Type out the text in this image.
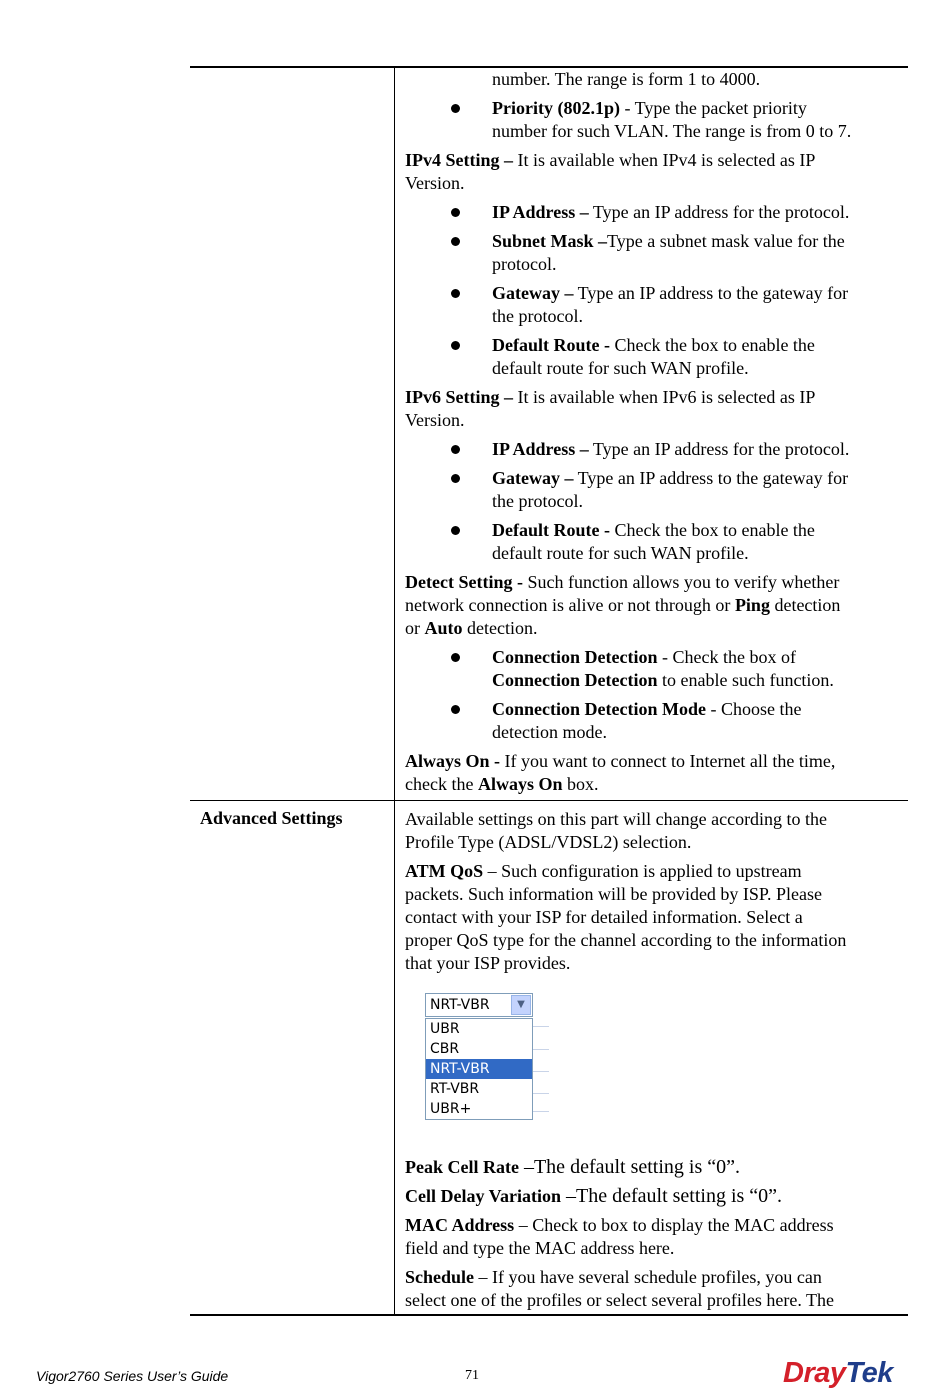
number. The range is form 1 to 4000.

Priority (802.1p) - Type the packet priority
number for such VLAN. The range is from 0 to 7.

IPv4 Setting – It is available when IPv4 is selected as IP
Version.

IP Address – Type an IP address for the protocol.
Subnet Mask –Type a subnet mask value for the
protocol.
Gateway – Type an IP address to the gateway for
the protocol.
Default Route - Check the box to enable the
default route for such WAN profile.

IPv6 Setting – It is available when IPv6 is selected as IP
Version.

IP Address – Type an IP address for the protocol.
Gateway – Type an IP address to the gateway for
the protocol.
Default Route - Check the box to enable the
default route for such WAN profile.

Detect Setting - Such function allows you to verify whether
network connection is alive or not through or Ping detection
or Auto detection.

Connection Detection - Check the box of
Connection Detection to enable such function.
Connection Detection Mode - Choose the
detection mode.

Always On - If you want to connect to Internet all the time,
check the Always On box.

Advanced Settings	Available settings on this part will change according to the
Profile Type (ADSL/VDSL2) selection.

ATM QoS – Such configuration is applied to upstream
packets. Such information will be provided by ISP. Please
contact with your ISP for detailed information. Select a
proper QoS type for the channel according to the information
that your ISP provides.

NRT-VBR	▼
UBR
CBR
NRT-VBR
RT-VBR
UBR+

Peak Cell Rate –The default setting is “0”.

Cell Delay Variation –The default setting is “0”.

MAC Address – Check to box to display the MAC address
field and type the MAC address here.

Schedule – If you have several schedule profiles, you can
select one of the profiles or select several profiles here. The

Vigor2760 Series User’s Guide	71	DrayTek
